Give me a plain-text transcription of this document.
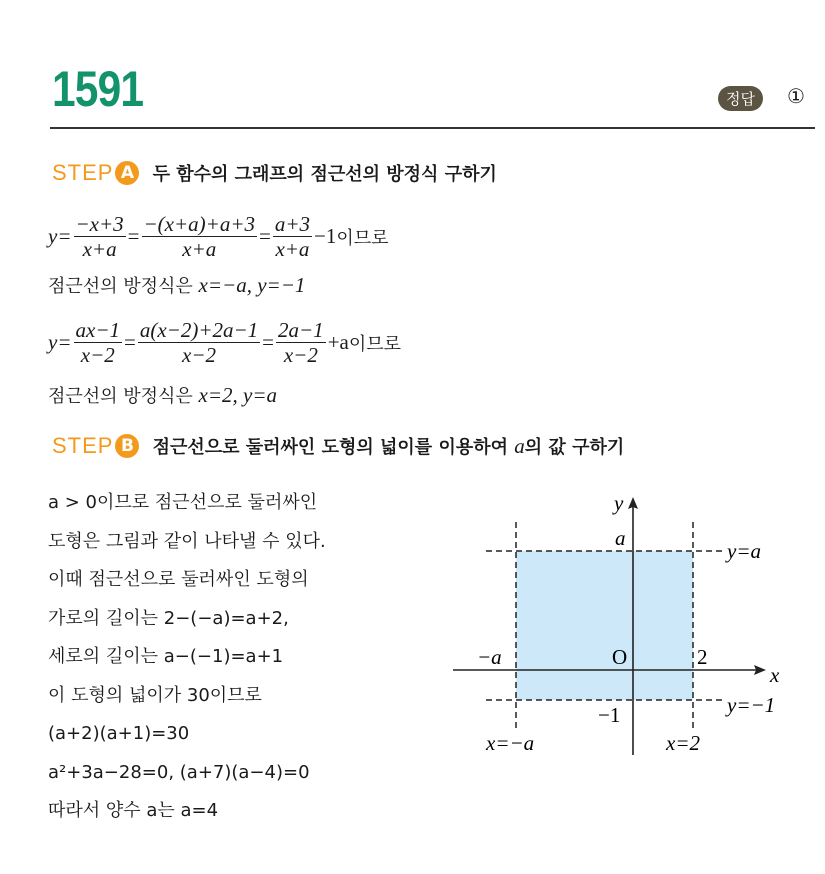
1591	정답	①
STEP A 두 함수의 그래프의 점근선의 방정식 구하기
$y= \frac{-x+3}{x+a} = \frac{-(x+a)+a+3}{x+a} = \frac{a+3}{x+a} -1$ 이므로
점근선의 방정식은 x=−a, y=−1
$y= \frac{ax-1}{x-2} = \frac{a(x-2)+2a-1}{x-2} = \frac{2a-1}{x-2} +a$ 이므로
점근선의 방정식은 x=2, y=a
STEP B 점근선으로 둘러싸인 도형의 넓이를 이용하여 a의 값 구하기
a > 0이므로 점근선으로 둘러싸인
도형은 그림과 같이 나타낼 수 있다.
이때 점근선으로 둘러싸인 도형의
가로의 길이는 2−(−a)=a+2,
세로의 길이는 a−(−1)=a+1
이 도형의 넓이가 30이므로
(a+2)(a+1)=30
a²+3a−28=0, (a+7)(a−4)=0
따라서 양수 a는 a=4
y
x
O
a
−a	2
−1
y=a
y=−1
x=−a	x=2
